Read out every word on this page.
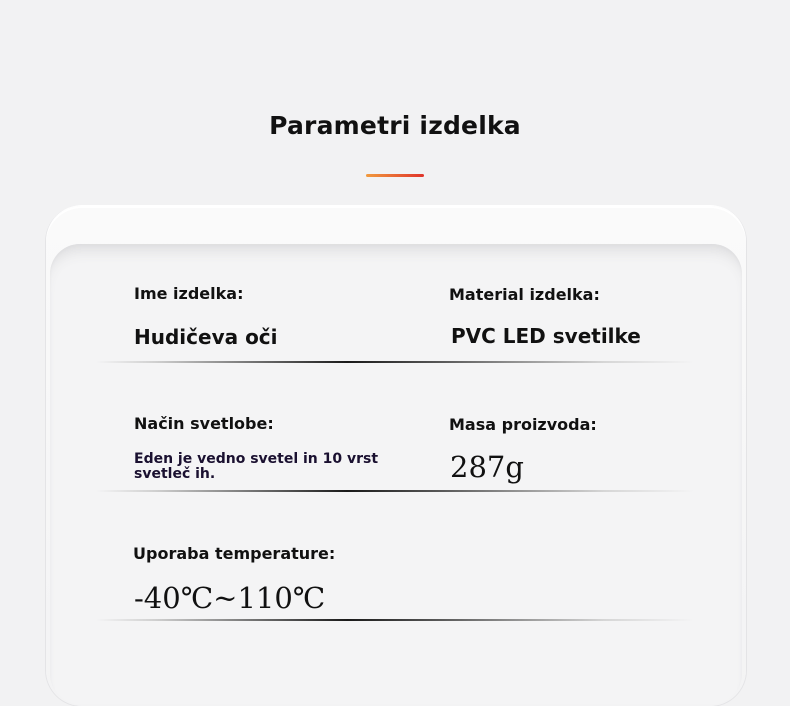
Parametri izdelka
Ime izdelka:
Hudičeva oči
Material izdelka:
PVC LED svetilke
Način svetlobe:
Eden je vedno svetel in 10 vrst svetleč ih.
Masa proizvoda:
287g
Uporaba temperature:
-40℃~110℃
